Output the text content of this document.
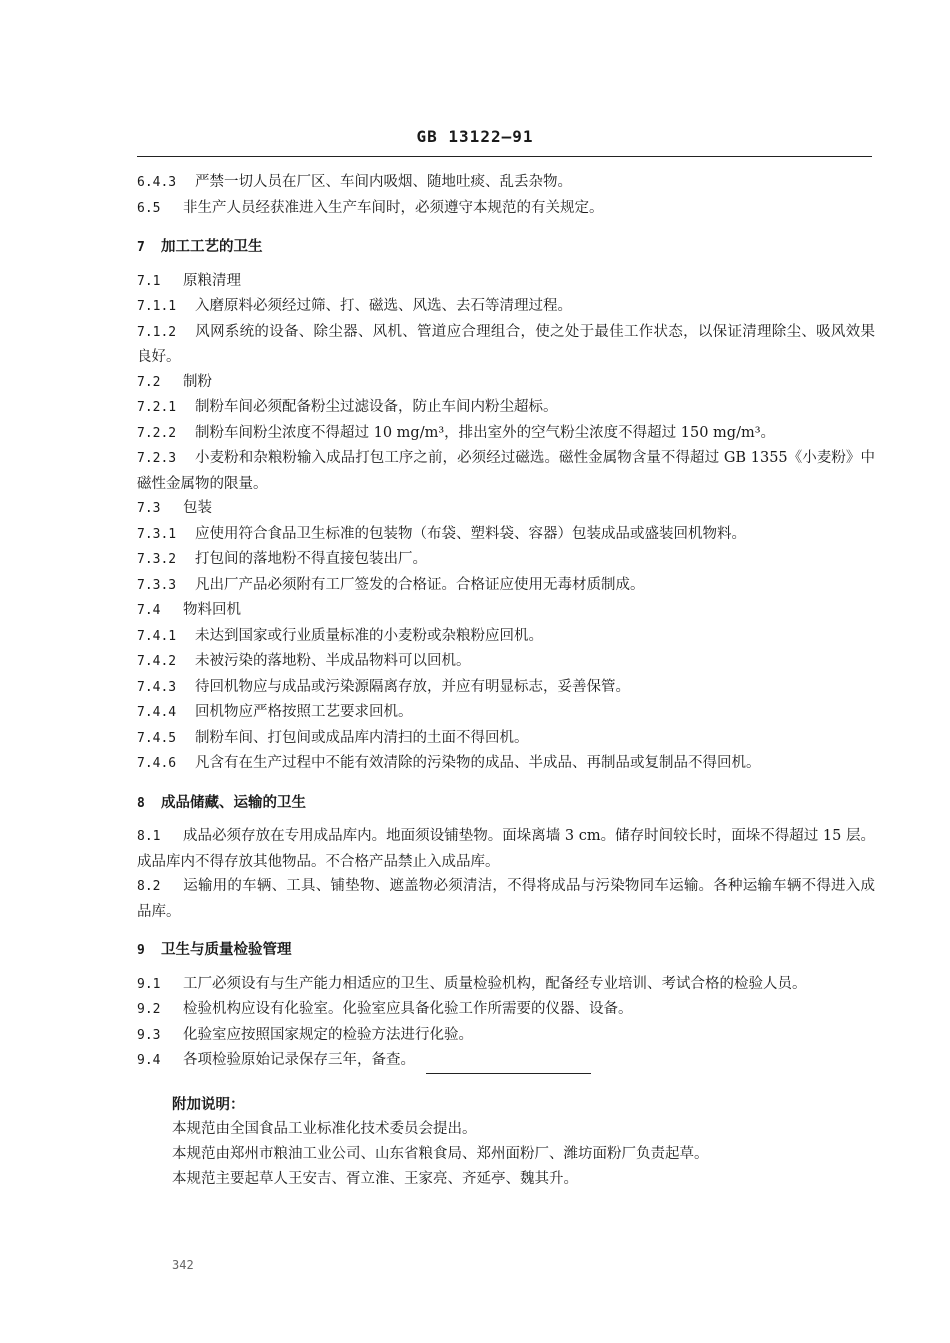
GB 13122—91
6.4.3 严禁一切人员在厂区、车间内吸烟、随地吐痰、乱丢杂物。
6.5 非生产人员经获准进入生产车间时，必须遵守本规范的有关规定。
7 加工工艺的卫生
7.1 原粮清理
7.1.1 入磨原料必须经过筛、打、磁选、风选、去石等清理过程。
7.1.2 风网系统的设备、除尘器、风机、管道应合理组合，使之处于最佳工作状态，以保证清理除尘、吸风效果良好。
7.2 制粉
7.2.1 制粉车间必须配备粉尘过滤设备，防止车间内粉尘超标。
7.2.2 制粉车间粉尘浓度不得超过 10 mg/m³，排出室外的空气粉尘浓度不得超过 150 mg/m³。
7.2.3 小麦粉和杂粮粉输入成品打包工序之前，必须经过磁选。磁性金属物含量不得超过 GB 1355《小麦粉》中磁性金属物的限量。
7.3 包装
7.3.1 应使用符合食品卫生标准的包装物（布袋、塑料袋、容器）包装成品或盛装回机物料。
7.3.2 打包间的落地粉不得直接包装出厂。
7.3.3 凡出厂产品必须附有工厂签发的合格证。合格证应使用无毒材质制成。
7.4 物料回机
7.4.1 未达到国家或行业质量标准的小麦粉或杂粮粉应回机。
7.4.2 未被污染的落地粉、半成品物料可以回机。
7.4.3 待回机物应与成品或污染源隔离存放，并应有明显标志，妥善保管。
7.4.4 回机物应严格按照工艺要求回机。
7.4.5 制粉车间、打包间或成品库内清扫的土面不得回机。
7.4.6 凡含有在生产过程中不能有效清除的污染物的成品、半成品、再制品或复制品不得回机。
8 成品储藏、运输的卫生
8.1 成品必须存放在专用成品库内。地面须设铺垫物。面垛离墙 3 cm。储存时间较长时，面垛不得超过 15 层。成品库内不得存放其他物品。不合格产品禁止入成品库。
8.2 运输用的车辆、工具、铺垫物、遮盖物必须清洁，不得将成品与污染物同车运输。各种运输车辆不得进入成品库。
9 卫生与质量检验管理
9.1 工厂必须设有与生产能力相适应的卫生、质量检验机构，配备经专业培训、考试合格的检验人员。
9.2 检验机构应设有化验室。化验室应具备化验工作所需要的仪器、设备。
9.3 化验室应按照国家规定的检验方法进行化验。
9.4 各项检验原始记录保存三年，备查。
附加说明：
本规范由全国食品工业标准化技术委员会提出。
本规范由郑州市粮油工业公司、山东省粮食局、郑州面粉厂、潍坊面粉厂负责起草。
本规范主要起草人王安吉、胥立淮、王家亮、齐延亭、魏其升。
342
